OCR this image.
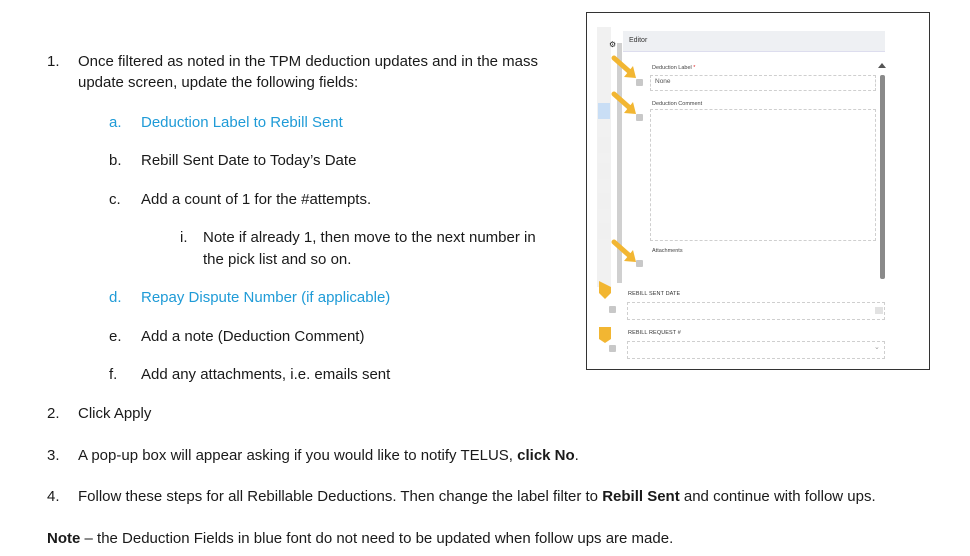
1. Once filtered as noted in the TPM deduction updates and in the mass
update screen, update the following fields:
a. Deduction Label to Rebill Sent
b. Rebill Sent Date to Today’s Date
c. Add a count of 1 for the #attempts.
i. Note if already 1, then move to the next number in
the pick list and so on.
d. Repay Dispute Number (if applicable)
e. Add a note (Deduction Comment)
f. Add any attachments, i.e. emails sent
2. Click Apply
3. A pop-up box will appear asking if you would like to notify TELUS, click No.
4. Follow these steps for all Rebillable Deductions. Then change the label filter to Rebill Sent and continue with follow ups.
Note – the Deduction Fields in blue font do not need to be updated when follow ups are made.
⚙ Editor
Deduction Label *
None
Deduction Comment
Attachments
REBILL SENT DATE
REBILL REQUEST #
⌄
